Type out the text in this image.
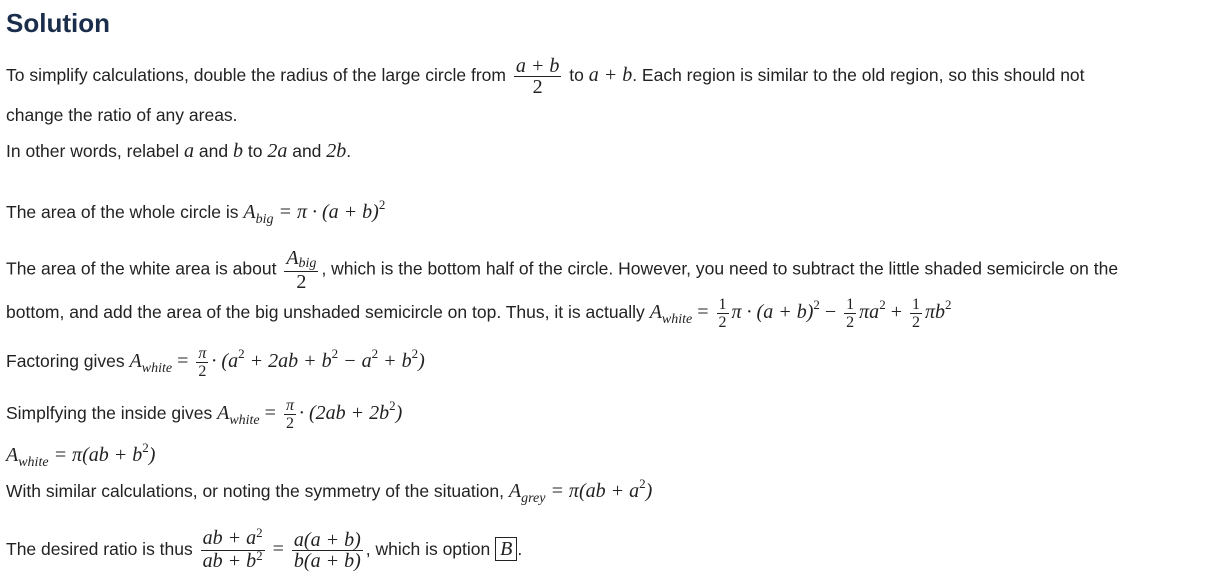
Solution
To simplify calculations, double the radius of the large circle from $\frac{a + b}{2}$ to a + b. Each region is similar to the old region, so this should not
change the ratio of any areas.
In other words, relabel a and b to 2a and 2b.
The area of the whole circle is $A_{big} = \pi \cdot (a + b)^2$
The area of the white area is about $\frac{\text{Abig}}{2}$ , which is the bottom half of the circle. However, you need to subtract the little shaded semicircle on the
bottom, and add the area of the big unshaded semicircle on top. Thus, it is actually $A_{white} = \frac{1}{2}$ $\pi \cdot (a + b)^2 - \frac{1}{2} \pi a^2 + \frac{1}{2} \pi b^2$
Factoring gives $A_{white} = \frac{\pi}{2} \cdot (a^2 + 2ab + b^2 - a^2 + b^2)$
Simplfying the inside gives $A_{white} = \frac{\pi}{2} \cdot (2ab + 2b^2)$
$A_{white} = \pi(ab + b^2)$
With similar calculations, or noting the symmetry of the situation, $A_{grey} = \pi(ab + a^2)$
The desired ratio is thus $\frac{ab + a^2}{ab + b^2} = \frac{a(a + b)}{b(a + b)}$ , which is option B .
